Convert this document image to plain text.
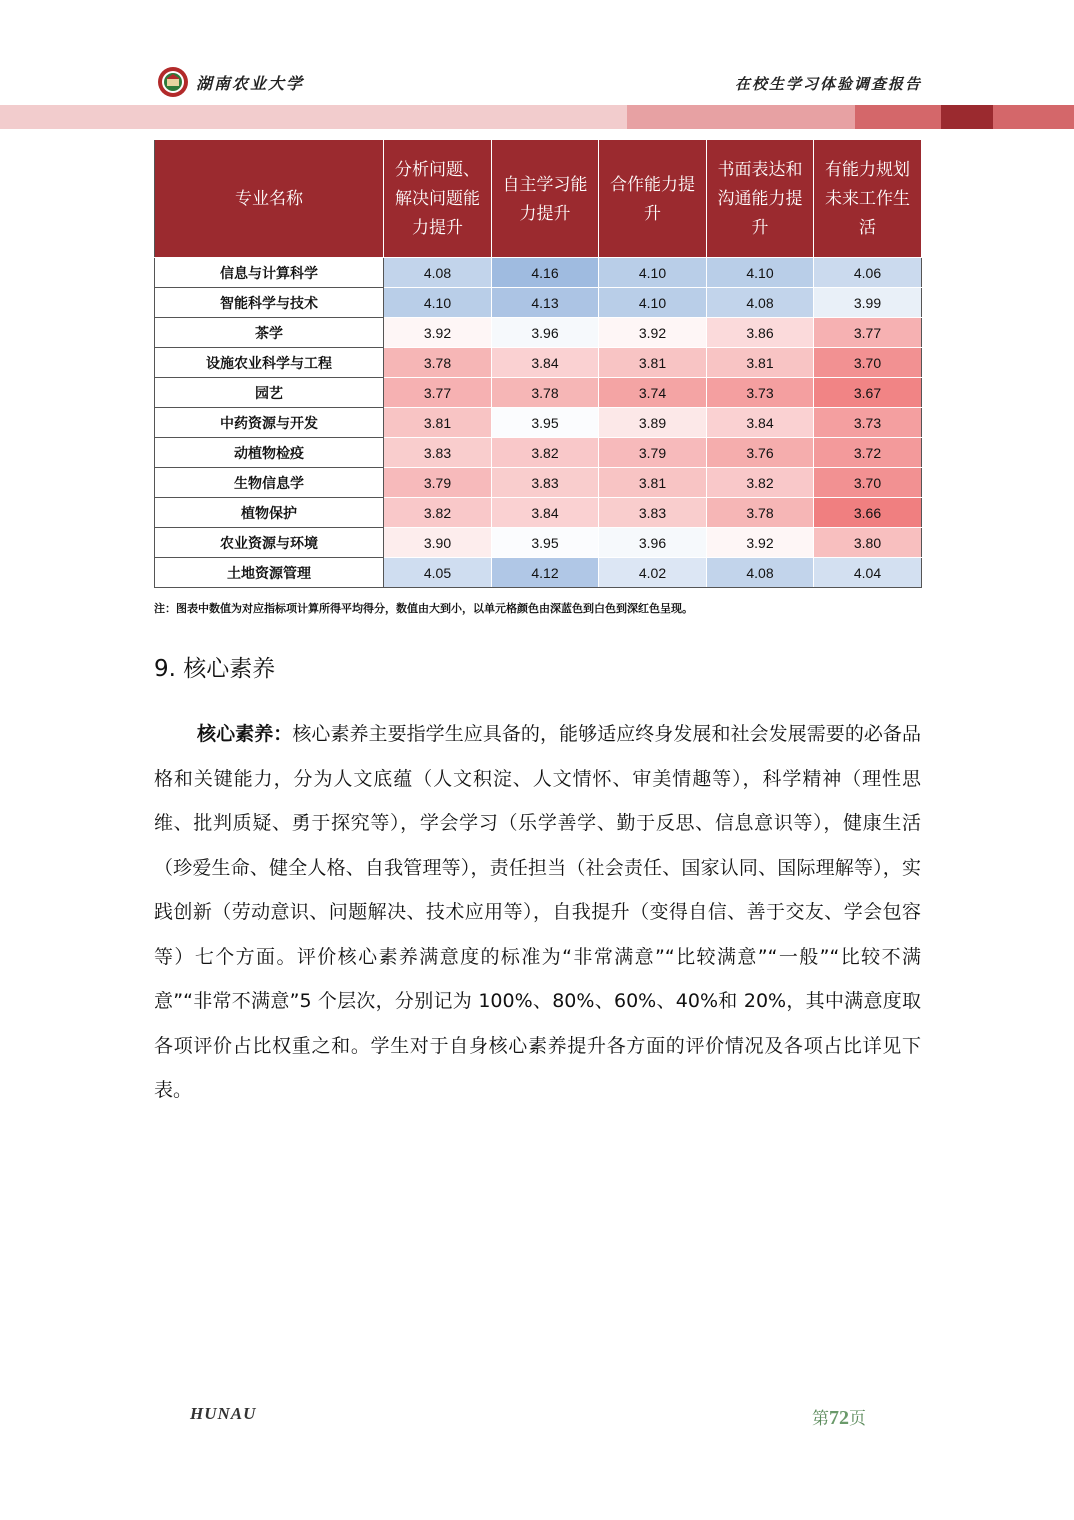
湖南农业大学	在校生学习体验调查报告
专业名称	分析问题、解决问题能力提升	自主学习能力提升	合作能力提升	书面表达和沟通能力提升	有能力规划未来工作生活
信息与计算科学	4.08	4.16	4.10	4.10	4.06
智能科学与技术	4.10	4.13	4.10	4.08	3.99
茶学	3.92	3.96	3.92	3.86	3.77
设施农业科学与工程	3.78	3.84	3.81	3.81	3.70
园艺	3.77	3.78	3.74	3.73	3.67
中药资源与开发	3.81	3.95	3.89	3.84	3.73
动植物检疫	3.83	3.82	3.79	3.76	3.72
生物信息学	3.79	3.83	3.81	3.82	3.70
植物保护	3.82	3.84	3.83	3.78	3.66
农业资源与环境	3.90	3.95	3.96	3.92	3.80
土地资源管理	4.05	4.12	4.02	4.08	4.04
注：图表中数值为对应指标项计算所得平均得分，数值由大到小，以单元格颜色由深蓝色到白色到深红色呈现。
9. 核心素养

核心素养：核心素养主要指学生应具备的，能够适应终身发展和社会发展需要的必备品格和关键能力，分为人文底蕴（人文积淀、人文情怀、审美情趣等），科学精神（理性思维、批判质疑、勇于探究等），学会学习（乐学善学、勤于反思、信息意识等），健康生活（珍爱生命、健全人格、自我管理等），责任担当（社会责任、国家认同、国际理解等），实践创新（劳动意识、问题解决、技术应用等），自我提升（变得自信、善于交友、学会包容等）七个方面。评价核心素养满意度的标准为“非常满意”“比较满意”“一般”“比较不满意”“非常不满意”5 个层次，分别记为 100%、80%、60%、40%和 20%，其中满意度取各项评价占比权重之和。学生对于自身核心素养提升各方面的评价情况及各项占比详见下表。

HUNAU	第72页
